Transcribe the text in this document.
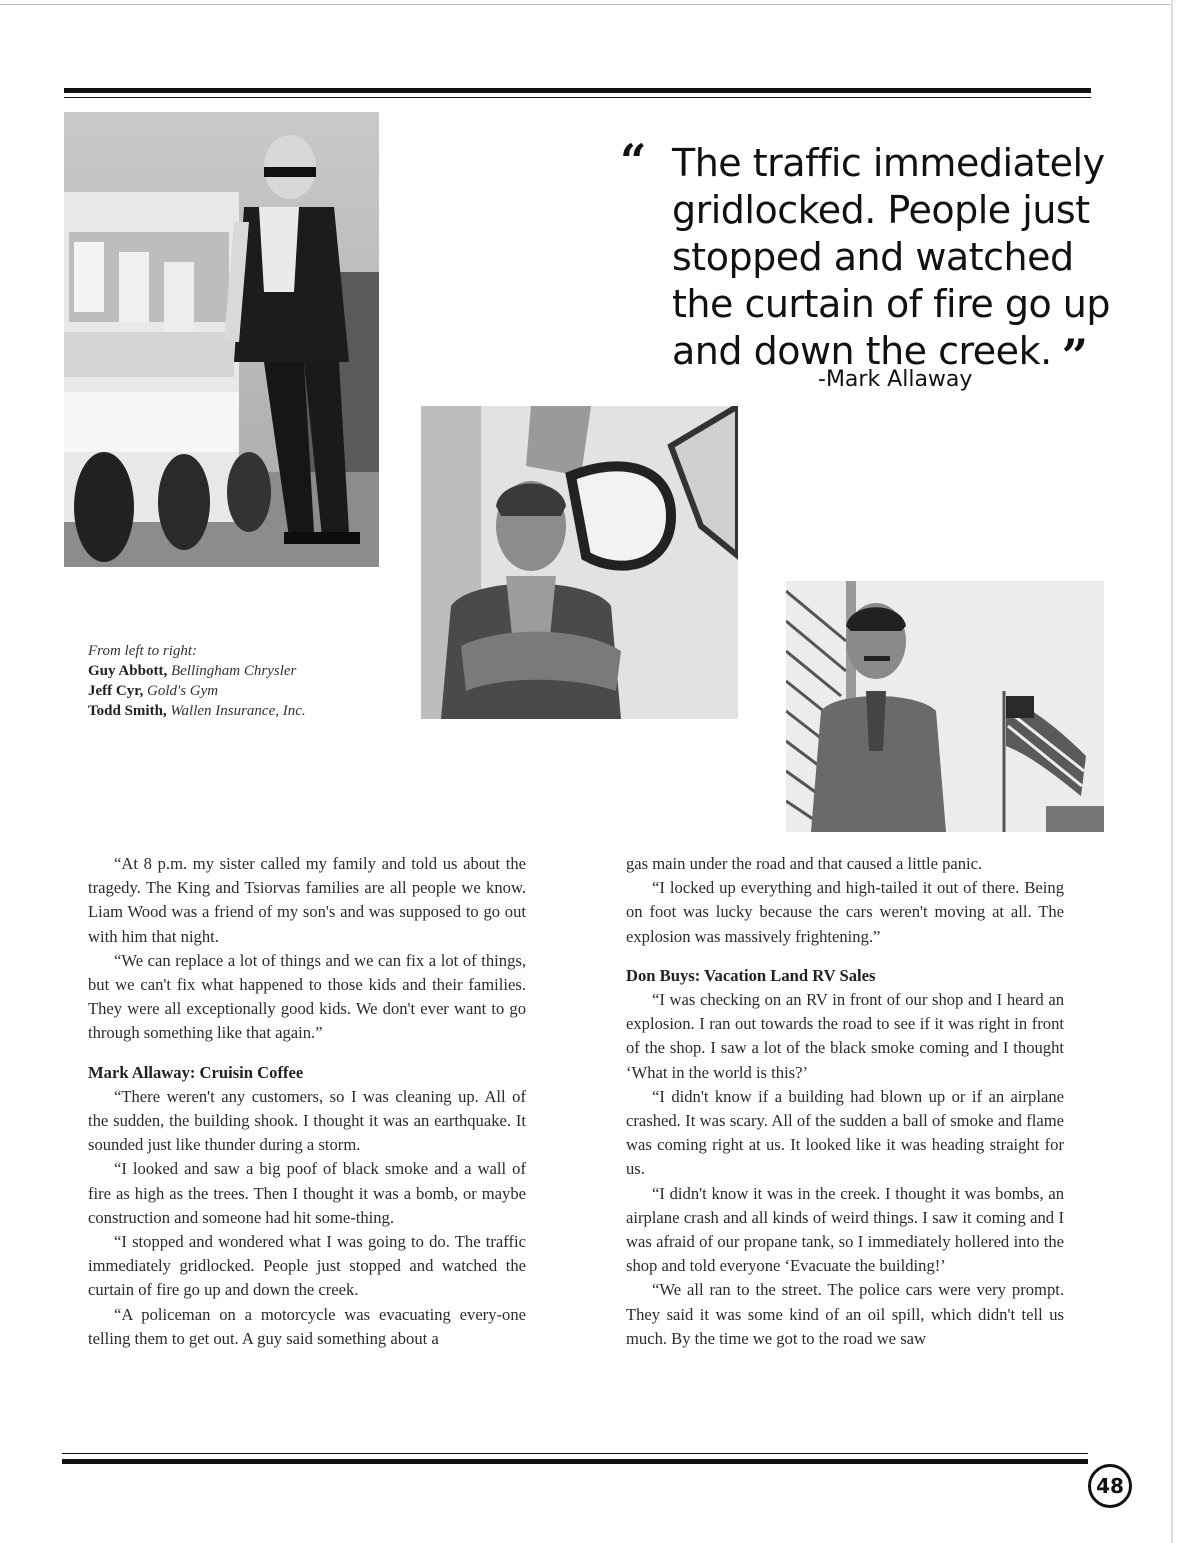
“ The traffic immediately
gridlocked. People just
stopped and watched
the curtain of fire go up
and down the creek. ”
-Mark Allaway
From left to right:
Guy Abbott, Bellingham Chrysler
Jeff Cyr, Gold's Gym
Todd Smith, Wallen Insurance, Inc.

“At 8 p.m. my sister called my family and told us about the tragedy. The King and Tsiorvas families are all people we know. Liam Wood was a friend of my son's and was supposed to go out with him that night.

“We can replace a lot of things and we can fix a lot of things, but we can't fix what happened to those kids and their families. They were all exceptionally good kids. We don't ever want to go through something like that again.”

Mark Allaway: Cruisin Coffee

“There weren't any customers, so I was cleaning up. All of the sudden, the building shook. I thought it was an earthquake. It sounded just like thunder during a storm.

“I looked and saw a big poof of black smoke and a wall of fire as high as the trees. Then I thought it was a bomb, or maybe construction and someone had hit some-thing.

“I stopped and wondered what I was going to do. The traffic immediately gridlocked. People just stopped and watched the curtain of fire go up and down the creek.

“A policeman on a motorcycle was evacuating every-one telling them to get out. A guy said something about a

gas main under the road and that caused a little panic.

“I locked up everything and high-tailed it out of there. Being on foot was lucky because the cars weren't moving at all. The explosion was massively frightening.”

Don Buys: Vacation Land RV Sales

“I was checking on an RV in front of our shop and I heard an explosion. I ran out towards the road to see if it was right in front of the shop. I saw a lot of the black smoke coming and I thought ‘What in the world is this?’

“I didn't know if a building had blown up or if an airplane crashed. It was scary. All of the sudden a ball of smoke and flame was coming right at us. It looked like it was heading straight for us.

“I didn't know it was in the creek. I thought it was bombs, an airplane crash and all kinds of weird things. I saw it coming and I was afraid of our propane tank, so I immediately hollered into the shop and told everyone ‘Evacuate the building!’

“We all ran to the street. The police cars were very prompt. They said it was some kind of an oil spill, which didn't tell us much. By the time we got to the road we saw

48
